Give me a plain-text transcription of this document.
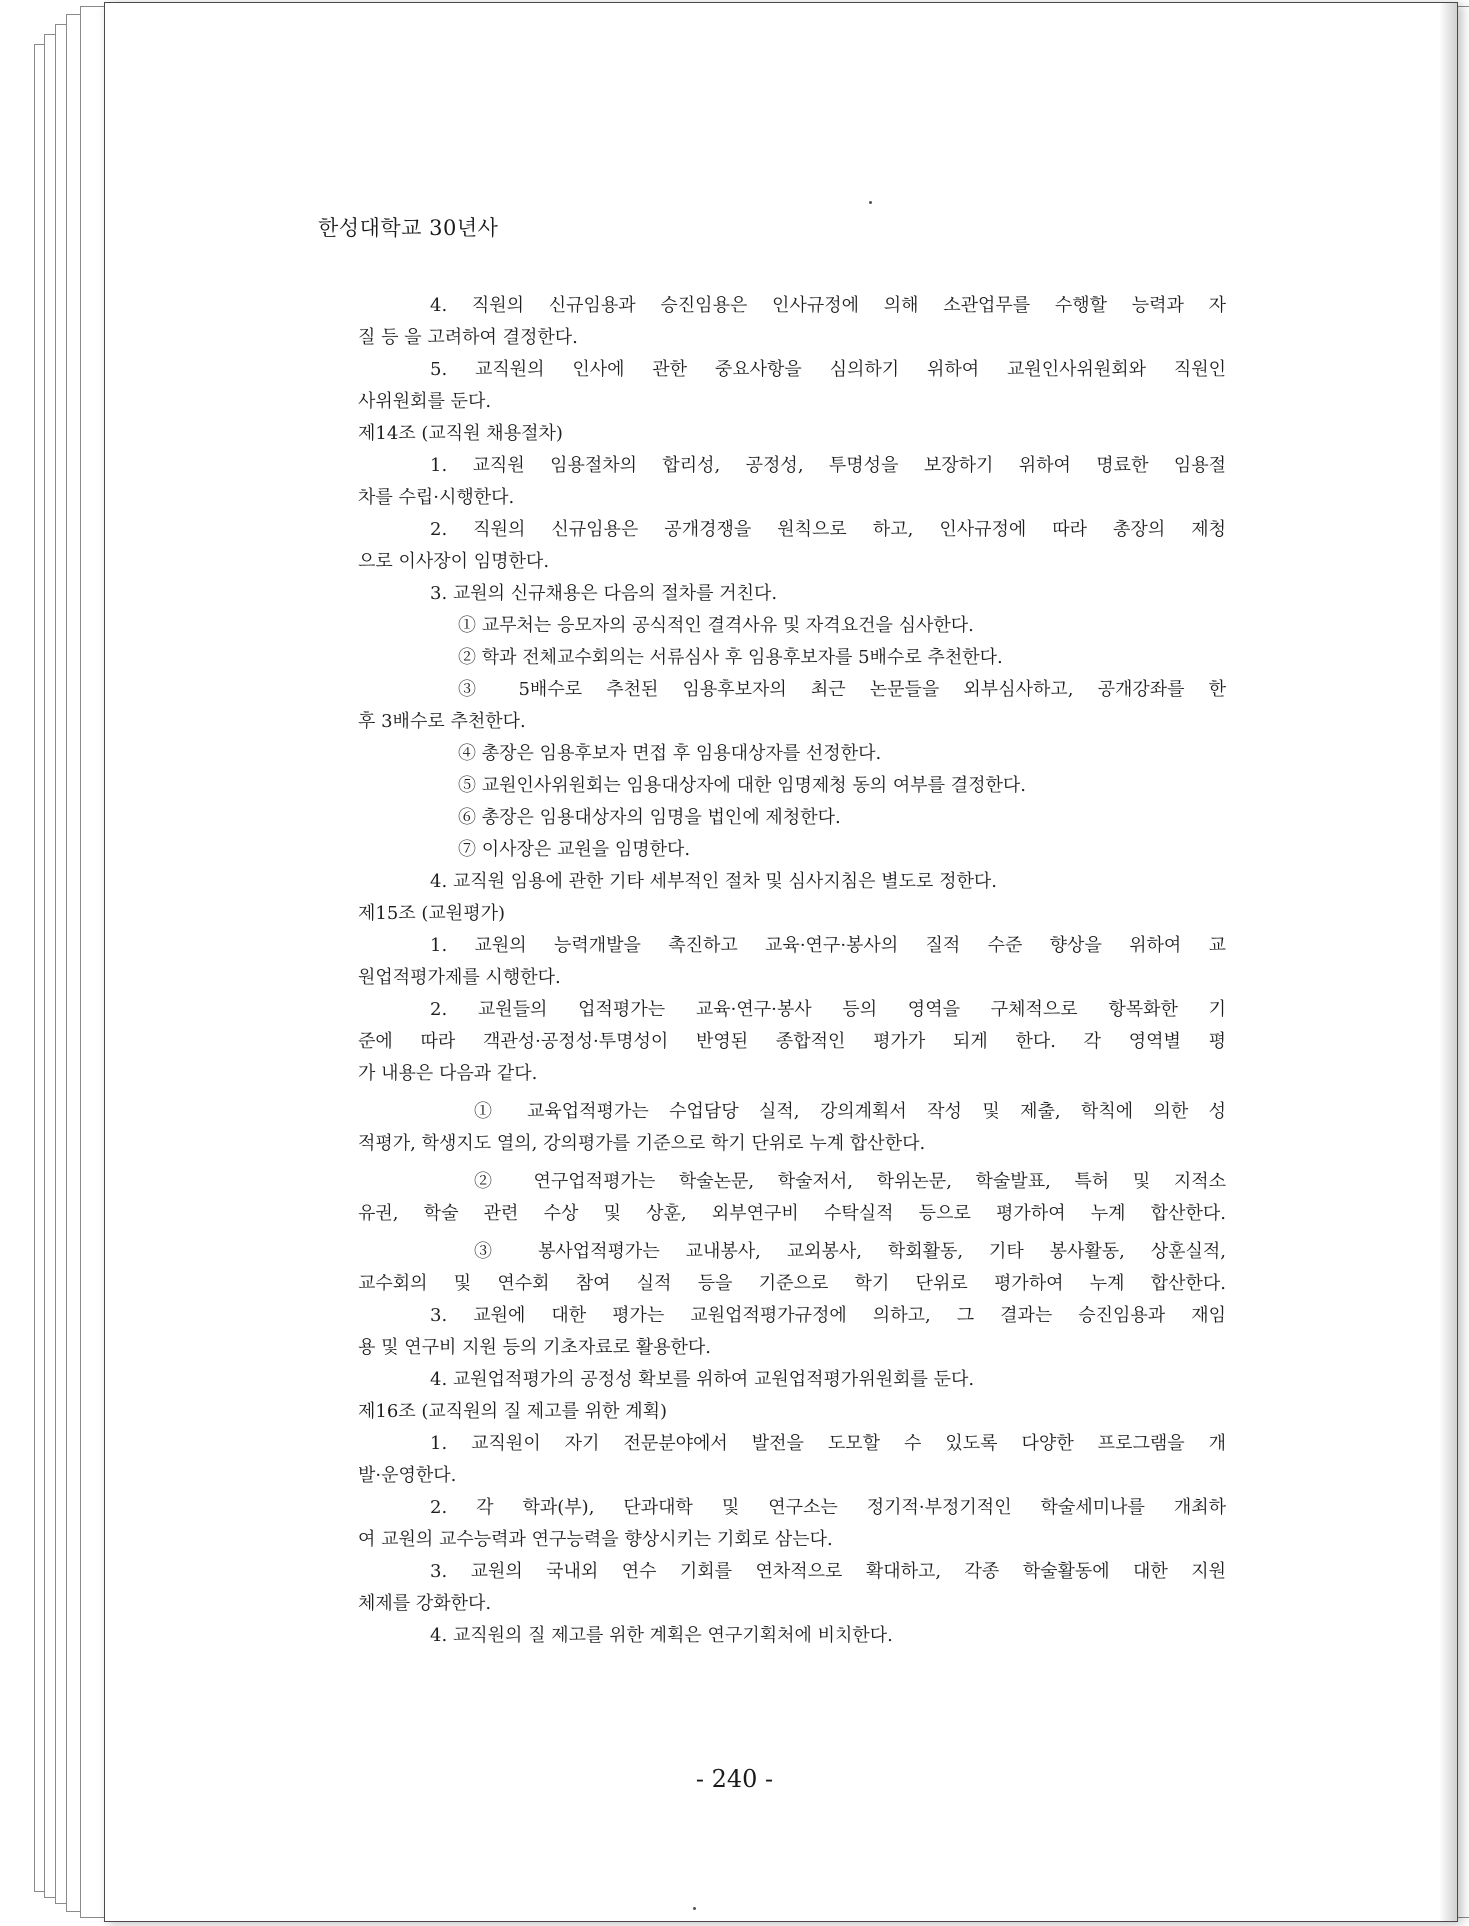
한성대학교 30년사
4. 직원의 신규임용과 승진임용은 인사규정에 의해 소관업무를 수행할 능력과 자
질 등 을 고려하여 결정한다.
5. 교직원의 인사에 관한 중요사항을 심의하기 위하여 교원인사위원회와 직원인
사위원회를 둔다.
제14조 (교직원 채용절차)
1. 교직원 임용절차의 합리성, 공정성, 투명성을 보장하기 위하여 명료한 임용절
차를 수립·시행한다.
2. 직원의 신규임용은 공개경쟁을 원칙으로 하고, 인사규정에 따라 총장의 제청
으로 이사장이 임명한다.
3. 교원의 신규채용은 다음의 절차를 거친다.
① 교무처는 응모자의 공식적인 결격사유 및 자격요건을 심사한다.
② 학과 전체교수회의는 서류심사 후 임용후보자를 5배수로 추천한다.
③ 5배수로 추천된 임용후보자의 최근 논문들을 외부심사하고, 공개강좌를 한
후 3배수로 추천한다.
④ 총장은 임용후보자 면접 후 임용대상자를 선정한다.
⑤ 교원인사위원회는 임용대상자에 대한 임명제청 동의 여부를 결정한다.
⑥ 총장은 임용대상자의 임명을 법인에 제청한다.
⑦ 이사장은 교원을 임명한다.
4. 교직원 임용에 관한 기타 세부적인 절차 및 심사지침은 별도로 정한다.
제15조 (교원평가)
1. 교원의 능력개발을 촉진하고 교육·연구·봉사의 질적 수준 향상을 위하여 교
원업적평가제를 시행한다.
2. 교원들의 업적평가는 교육·연구·봉사 등의 영역을 구체적으로 항목화한 기
준에 따라 객관성·공정성·투명성이 반영된 종합적인 평가가 되게 한다. 각 영역별 평
가 내용은 다음과 같다.
① 교육업적평가는 수업담당 실적, 강의계획서 작성 및 제출, 학칙에 의한 성
적평가, 학생지도 열의, 강의평가를 기준으로 학기 단위로 누계 합산한다.
② 연구업적평가는 학술논문, 학술저서, 학위논문, 학술발표, 특허 및 지적소
유권, 학술 관련 수상 및 상훈, 외부연구비 수탁실적 등으로 평가하여 누계 합산한다.
③ 봉사업적평가는 교내봉사, 교외봉사, 학회활동, 기타 봉사활동, 상훈실적,
교수회의 및 연수회 참여 실적 등을 기준으로 학기 단위로 평가하여 누계 합산한다.
3. 교원에 대한 평가는 교원업적평가규정에 의하고, 그 결과는 승진임용과 재임
용 및 연구비 지원 등의 기초자료로 활용한다.
4. 교원업적평가의 공정성 확보를 위하여 교원업적평가위원회를 둔다.
제16조 (교직원의 질 제고를 위한 계획)
1. 교직원이 자기 전문분야에서 발전을 도모할 수 있도록 다양한 프로그램을 개
발·운영한다.
2. 각 학과(부), 단과대학 및 연구소는 정기적·부정기적인 학술세미나를 개최하
여 교원의 교수능력과 연구능력을 향상시키는 기회로 삼는다.
3. 교원의 국내외 연수 기회를 연차적으로 확대하고, 각종 학술활동에 대한 지원
체제를 강화한다.
4. 교직원의 질 제고를 위한 계획은 연구기획처에 비치한다.
- 240 -
